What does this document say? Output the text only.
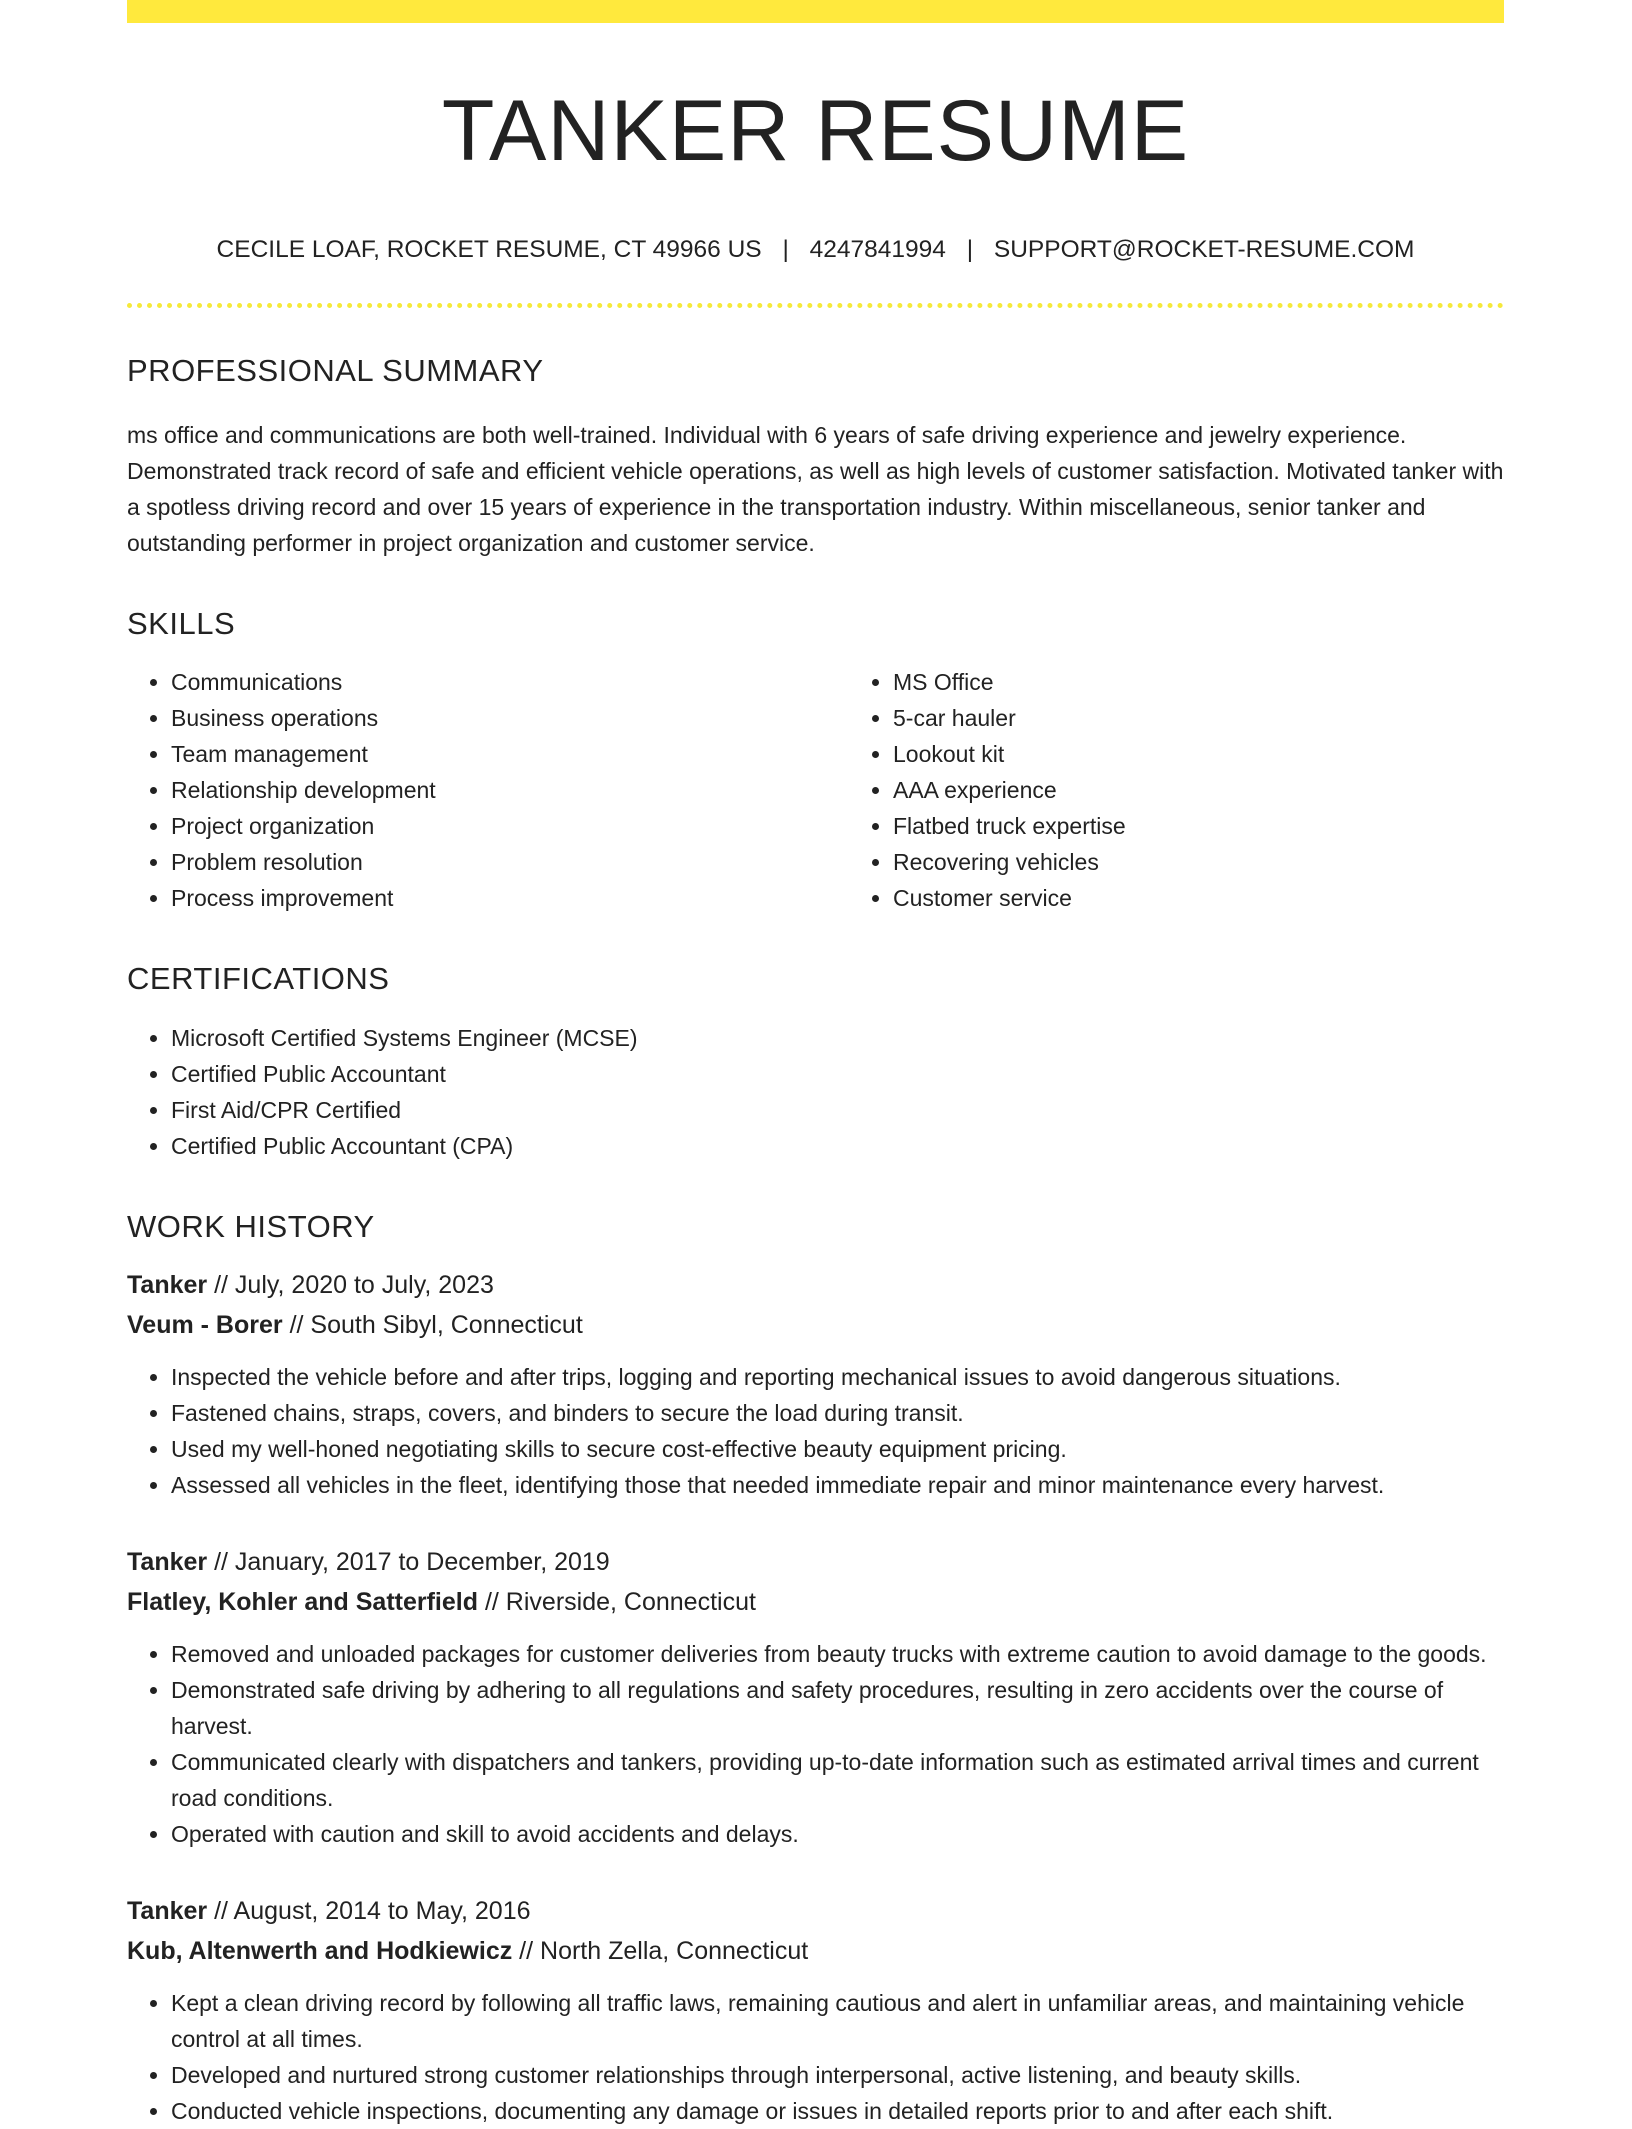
TANKER RESUME
CECILE LOAF, ROCKET RESUME, CT 49966 US | 4247841994 | SUPPORT@ROCKET-RESUME.COM
PROFESSIONAL SUMMARY

ms office and communications are both well-trained. Individual with 6 years of safe driving experience and jewelry experience. Demonstrated track record of safe and efficient vehicle operations, as well as high levels of customer satisfaction. Motivated tanker with a spotless driving record and over 15 years of experience in the transportation industry. Within miscellaneous, senior tanker and outstanding performer in project organization and customer service.

SKILLS
• Communications
• Business operations
• Team management
• Relationship development
• Project organization
• Problem resolution
• Process improvement
• MS Office
• 5-car hauler
• Lookout kit
• AAA experience
• Flatbed truck expertise
• Recovering vehicles
• Customer service
CERTIFICATIONS
• Microsoft Certified Systems Engineer (MCSE)
• Certified Public Accountant
• First Aid/CPR Certified
• Certified Public Accountant (CPA)
WORK HISTORY
Tanker // July, 2020 to July, 2023
Veum - Borer // South Sibyl, Connecticut
• Inspected the vehicle before and after trips, logging and reporting mechanical issues to avoid dangerous situations.
• Fastened chains, straps, covers, and binders to secure the load during transit.
• Used my well-honed negotiating skills to secure cost-effective beauty equipment pricing.
• Assessed all vehicles in the fleet, identifying those that needed immediate repair and minor maintenance every harvest.
Tanker // January, 2017 to December, 2019
Flatley, Kohler and Satterfield // Riverside, Connecticut
• Removed and unloaded packages for customer deliveries from beauty trucks with extreme caution to avoid damage to the goods.
• Demonstrated safe driving by adhering to all regulations and safety procedures, resulting in zero accidents over the course of harvest.
• Communicated clearly with dispatchers and tankers, providing up-to-date information such as estimated arrival times and current road conditions.
• Operated with caution and skill to avoid accidents and delays.
Tanker // August, 2014 to May, 2016
Kub, Altenwerth and Hodkiewicz // North Zella, Connecticut
• Kept a clean driving record by following all traffic laws, remaining cautious and alert in unfamiliar areas, and maintaining vehicle control at all times.
• Developed and nurtured strong customer relationships through interpersonal, active listening, and beauty skills.
• Conducted vehicle inspections, documenting any damage or issues in detailed reports prior to and after each shift.
